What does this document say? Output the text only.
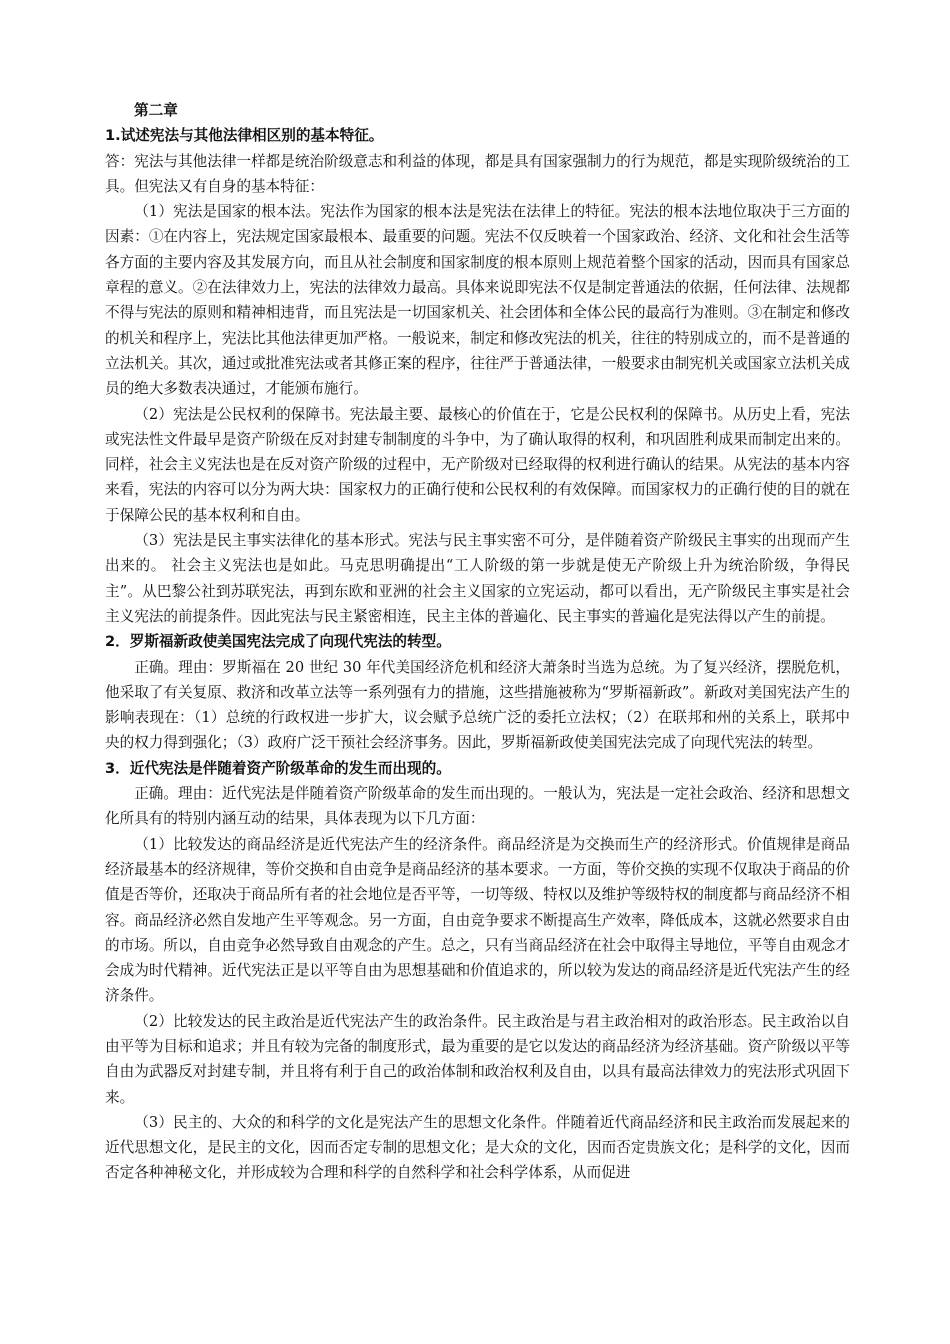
第二章

1.试述宪法与其他法律相区别的基本特征。

答：宪法与其他法律一样都是统治阶级意志和利益的体现，都是具有国家强制力的行为规范，都是实现阶级统治的工具。但宪法又有自身的基本特征：

（1）宪法是国家的根本法。宪法作为国家的根本法是宪法在法律上的特征。宪法的根本法地位取决于三方面的因素：①在内容上，宪法规定国家最根本、最重要的问题。宪法不仅反映着一个国家政治、经济、文化和社会生活等各方面的主要内容及其发展方向，而且从社会制度和国家制度的根本原则上规范着整个国家的活动，因而具有国家总章程的意义。②在法律效力上，宪法的法律效力最高。具体来说即宪法不仅是制定普通法的依据，任何法律、法规都不得与宪法的原则和精神相违背，而且宪法是一切国家机关、社会团体和全体公民的最高行为准则。③在制定和修改的机关和程序上，宪法比其他法律更加严格。一般说来，制定和修改宪法的机关，往往的特别成立的，而不是普通的立法机关。其次，通过或批准宪法或者其修正案的程序，往往严于普通法律，一般要求由制宪机关或国家立法机关成员的绝大多数表决通过，才能颁布施行。

（2）宪法是公民权利的保障书。宪法最主要、最核心的价值在于，它是公民权利的保障书。从历史上看，宪法或宪法性文件最早是资产阶级在反对封建专制制度的斗争中，为了确认取得的权利，和巩固胜利成果而制定出来的。同样，社会主义宪法也是在反对资产阶级的过程中，无产阶级对已经取得的权利进行确认的结果。从宪法的基本内容来看，宪法的内容可以分为两大块：国家权力的正确行使和公民权利的有效保障。而国家权力的正确行使的目的就在于保障公民的基本权利和自由。

（3）宪法是民主事实法律化的基本形式。宪法与民主事实密不可分，是伴随着资产阶级民主事实的出现而产生出来的。 社会主义宪法也是如此。马克思明确提出“工人阶级的第一步就是使无产阶级上升为统治阶级，争得民主”。从巴黎公社到苏联宪法，再到东欧和亚洲的社会主义国家的立宪运动，都可以看出，无产阶级民主事实是社会主义宪法的前提条件。因此宪法与民主紧密相连，民主主体的普遍化、民主事实的普遍化是宪法得以产生的前提。

2．罗斯福新政使美国宪法完成了向现代宪法的转型。

正确。理由：罗斯福在 20 世纪 30 年代美国经济危机和经济大萧条时当选为总统。为了复兴经济，摆脱危机，他采取了有关复原、救济和改革立法等一系列强有力的措施，这些措施被称为“罗斯福新政”。新政对美国宪法产生的影响表现在：（1）总统的行政权进一步扩大，议会赋予总统广泛的委托立法权；（2）在联邦和州的关系上，联邦中央的权力得到强化；（3）政府广泛干预社会经济事务。因此，罗斯福新政使美国宪法完成了向现代宪法的转型。

3．近代宪法是伴随着资产阶级革命的发生而出现的。

正确。理由：近代宪法是伴随着资产阶级革命的发生而出现的。一般认为，宪法是一定社会政治、经济和思想文化所具有的特别内涵互动的结果，具体表现为以下几方面：

（1）比较发达的商品经济是近代宪法产生的经济条件。商品经济是为交换而生产的经济形式。价值规律是商品经济最基本的经济规律，等价交换和自由竞争是商品经济的基本要求。一方面，等价交换的实现不仅取决于商品的价值是否等价，还取决于商品所有者的社会地位是否平等，一切等级、特权以及维护等级特权的制度都与商品经济不相容。商品经济必然自发地产生平等观念。另一方面，自由竞争要求不断提高生产效率，降低成本，这就必然要求自由的市场。所以，自由竞争必然导致自由观念的产生。总之，只有当商品经济在社会中取得主导地位，平等自由观念才会成为时代精神。近代宪法正是以平等自由为思想基础和价值追求的，所以较为发达的商品经济是近代宪法产生的经济条件。

（2）比较发达的民主政治是近代宪法产生的政治条件。民主政治是与君主政治相对的政治形态。民主政治以自由平等为目标和追求；并且有较为完备的制度形式，最为重要的是它以发达的商品经济为经济基础。资产阶级以平等自由为武器反对封建专制，并且将有利于自己的政治体制和政治权利及自由，以具有最高法律效力的宪法形式巩固下来。

（3）民主的、大众的和科学的文化是宪法产生的思想文化条件。伴随着近代商品经济和民主政治而发展起来的近代思想文化，是民主的文化，因而否定专制的思想文化；是大众的文化，因而否定贵族文化；是科学的文化，因而否定各种神秘文化，并形成较为合理和科学的自然科学和社会科学体系，从而促进
